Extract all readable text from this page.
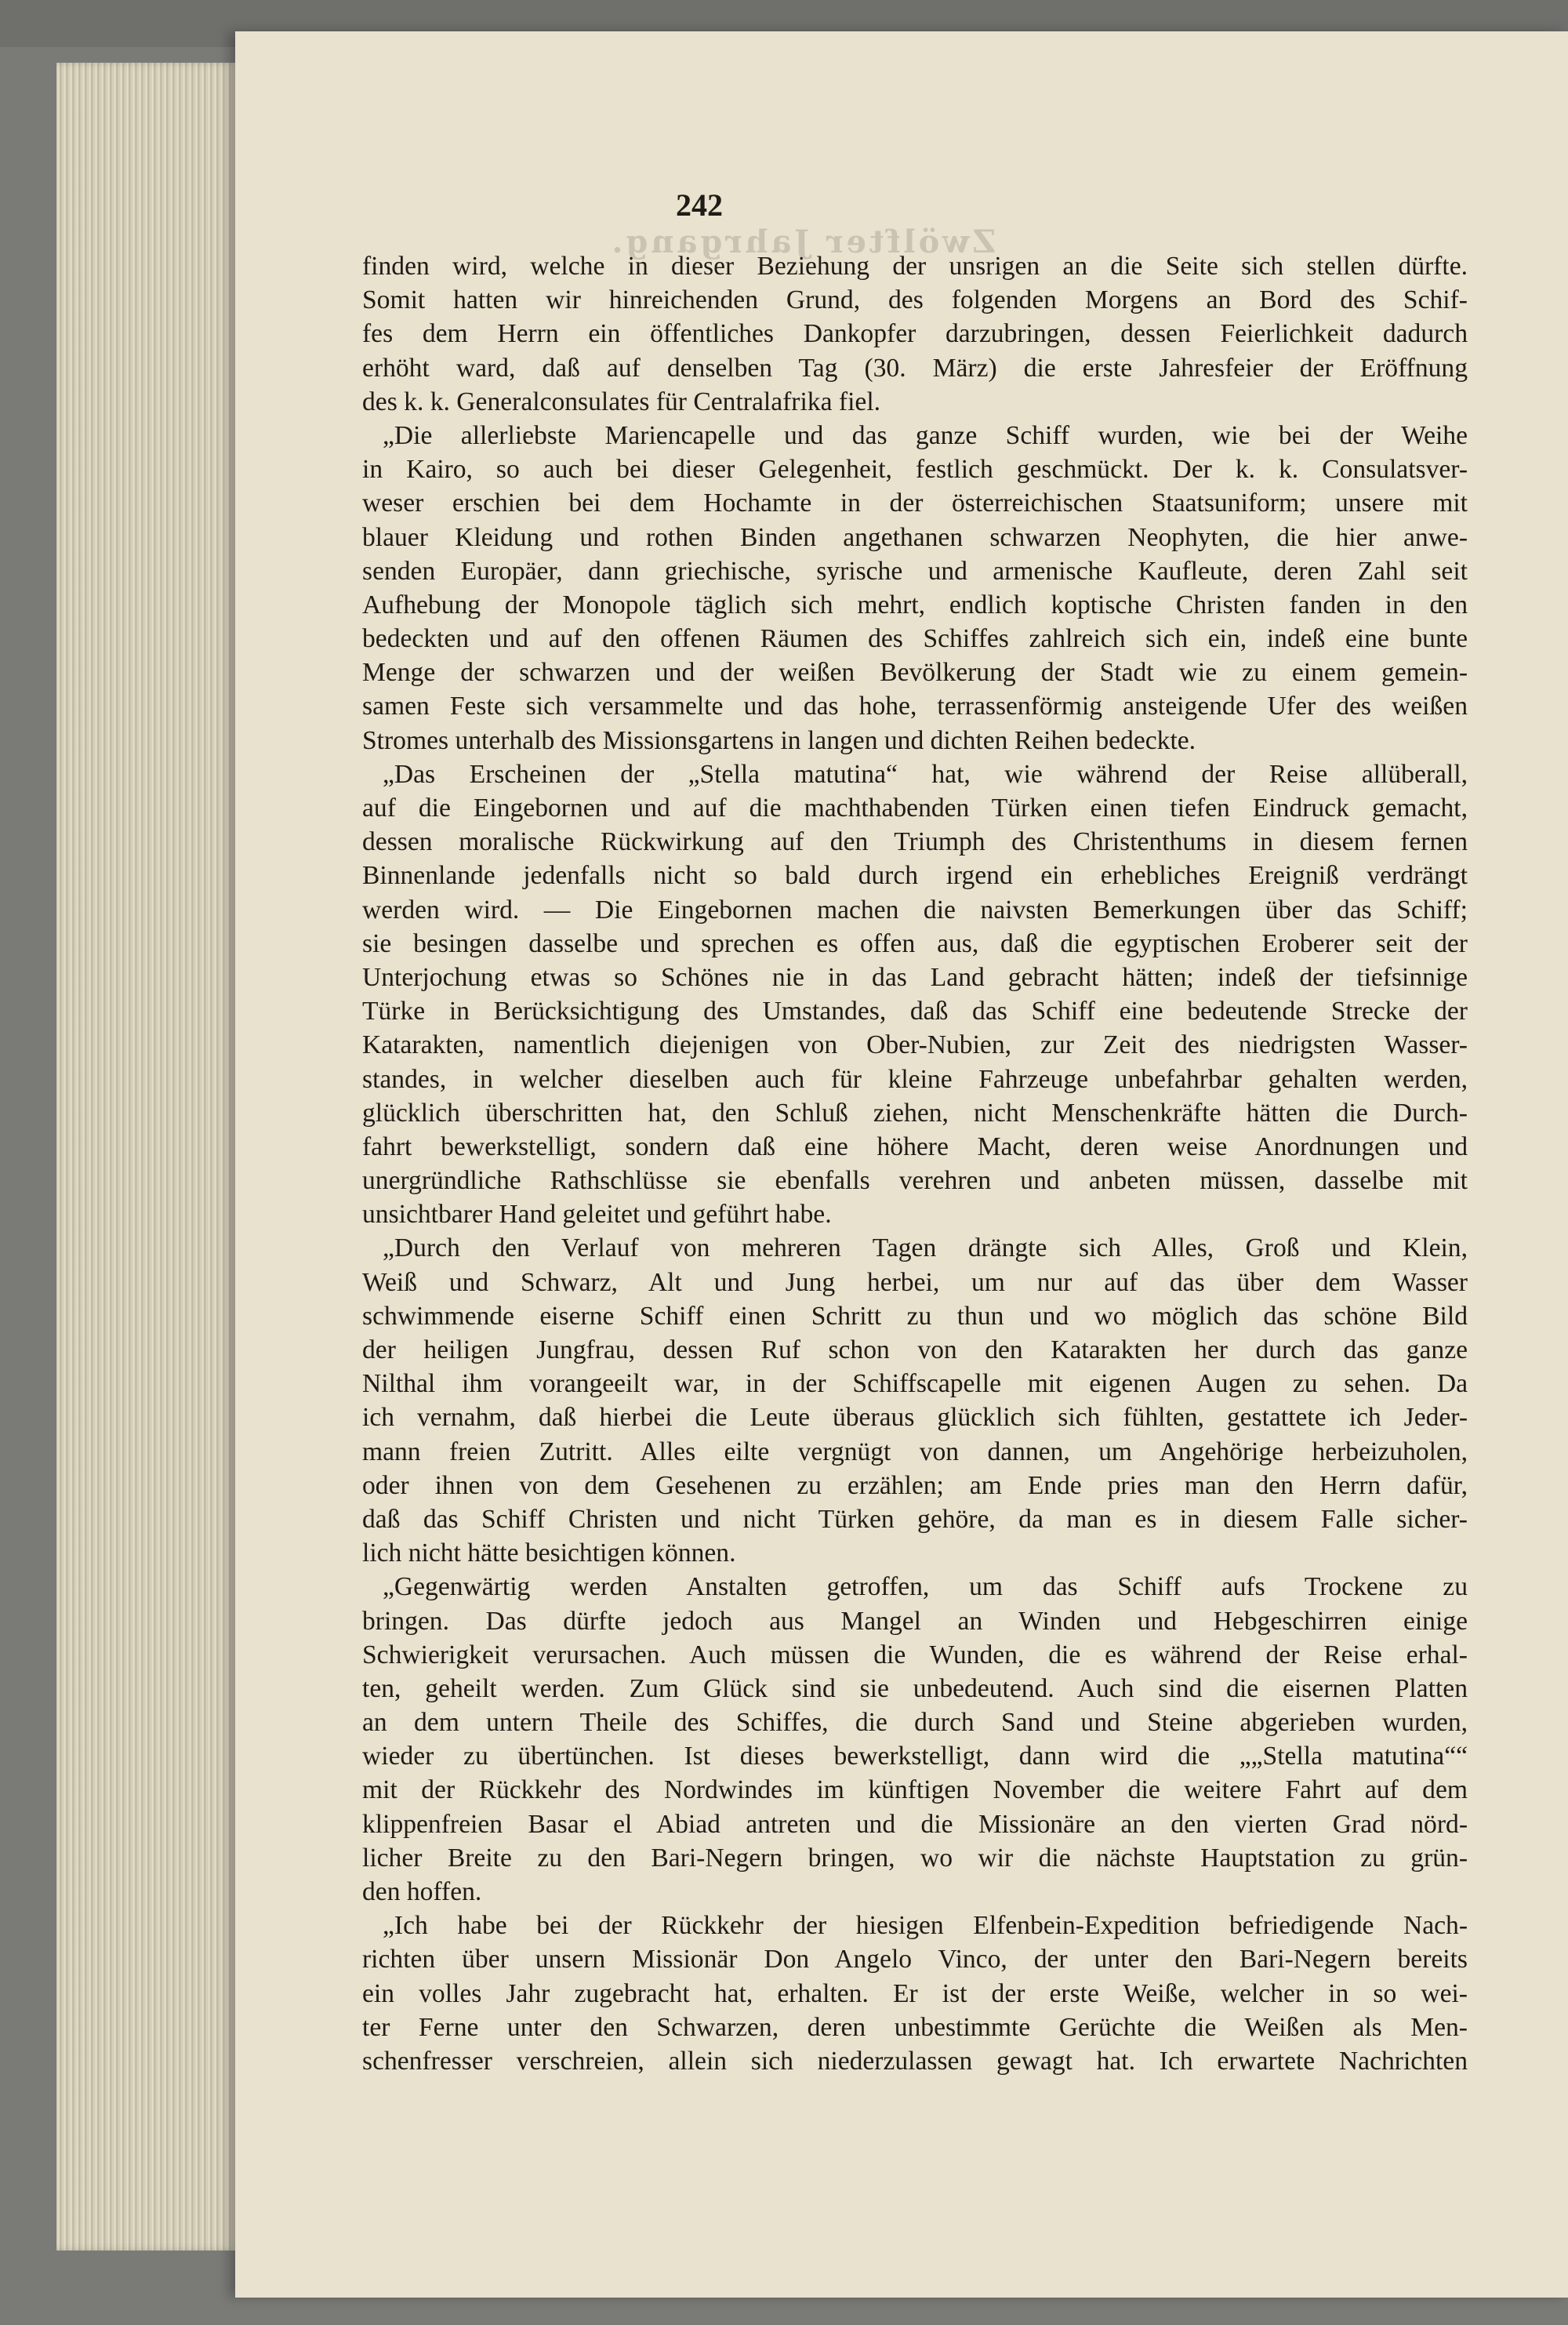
Zwölfter Jahrgang.
242
finden wird, welche in dieser Beziehung der unsrigen an die Seite sich stellen dürfte.
Somit hatten wir hinreichenden Grund, des folgenden Morgens an Bord des Schif-
fes dem Herrn ein öffentliches Dankopfer darzubringen, dessen Feierlichkeit dadurch
erhöht ward, daß auf denselben Tag (30. März) die erste Jahresfeier der Eröffnung
des k. k. Generalconsulates für Centralafrika fiel.
„Die allerliebste Mariencapelle und das ganze Schiff wurden, wie bei der Weihe
in Kairo, so auch bei dieser Gelegenheit, festlich geschmückt. Der k. k. Consulatsver-
weser erschien bei dem Hochamte in der österreichischen Staatsuniform; unsere mit
blauer Kleidung und rothen Binden angethanen schwarzen Neophyten, die hier anwe-
senden Europäer, dann griechische, syrische und armenische Kaufleute, deren Zahl seit
Aufhebung der Monopole täglich sich mehrt, endlich koptische Christen fanden in den
bedeckten und auf den offenen Räumen des Schiffes zahlreich sich ein, indeß eine bunte
Menge der schwarzen und der weißen Bevölkerung der Stadt wie zu einem gemein-
samen Feste sich versammelte und das hohe, terrassenförmig ansteigende Ufer des weißen
Stromes unterhalb des Missionsgartens in langen und dichten Reihen bedeckte.
„Das Erscheinen der „Stella matutina“ hat, wie während der Reise allüberall,
auf die Eingebornen und auf die machthabenden Türken einen tiefen Eindruck gemacht,
dessen moralische Rückwirkung auf den Triumph des Christenthums in diesem fernen
Binnenlande jedenfalls nicht so bald durch irgend ein erhebliches Ereigniß verdrängt
werden wird. — Die Eingebornen machen die naivsten Bemerkungen über das Schiff;
sie besingen dasselbe und sprechen es offen aus, daß die egyptischen Eroberer seit der
Unterjochung etwas so Schönes nie in das Land gebracht hätten; indeß der tiefsinnige
Türke in Berücksichtigung des Umstandes, daß das Schiff eine bedeutende Strecke der
Katarakten, namentlich diejenigen von Ober-Nubien, zur Zeit des niedrigsten Wasser-
standes, in welcher dieselben auch für kleine Fahrzeuge unbefahrbar gehalten werden,
glücklich überschritten hat, den Schluß ziehen, nicht Menschenkräfte hätten die Durch-
fahrt bewerkstelligt, sondern daß eine höhere Macht, deren weise Anordnungen und
unergründliche Rathschlüsse sie ebenfalls verehren und anbeten müssen, dasselbe mit
unsichtbarer Hand geleitet und geführt habe.
„Durch den Verlauf von mehreren Tagen drängte sich Alles, Groß und Klein,
Weiß und Schwarz, Alt und Jung herbei, um nur auf das über dem Wasser
schwimmende eiserne Schiff einen Schritt zu thun und wo möglich das schöne Bild
der heiligen Jungfrau, dessen Ruf schon von den Katarakten her durch das ganze
Nilthal ihm vorangeeilt war, in der Schiffscapelle mit eigenen Augen zu sehen. Da
ich vernahm, daß hierbei die Leute überaus glücklich sich fühlten, gestattete ich Jeder-
mann freien Zutritt. Alles eilte vergnügt von dannen, um Angehörige herbeizuholen,
oder ihnen von dem Gesehenen zu erzählen; am Ende pries man den Herrn dafür,
daß das Schiff Christen und nicht Türken gehöre, da man es in diesem Falle sicher-
lich nicht hätte besichtigen können.
„Gegenwärtig werden Anstalten getroffen, um das Schiff aufs Trockene zu
bringen. Das dürfte jedoch aus Mangel an Winden und Hebgeschirren einige
Schwierigkeit verursachen. Auch müssen die Wunden, die es während der Reise erhal-
ten, geheilt werden. Zum Glück sind sie unbedeutend. Auch sind die eisernen Platten
an dem untern Theile des Schiffes, die durch Sand und Steine abgerieben wurden,
wieder zu übertünchen. Ist dieses bewerkstelligt, dann wird die „„Stella matutina““
mit der Rückkehr des Nordwindes im künftigen November die weitere Fahrt auf dem
klippenfreien Basar el Abiad antreten und die Missionäre an den vierten Grad nörd-
licher Breite zu den Bari-Negern bringen, wo wir die nächste Hauptstation zu grün-
den hoffen.
„Ich habe bei der Rückkehr der hiesigen Elfenbein-Expedition befriedigende Nach-
richten über unsern Missionär Don Angelo Vinco, der unter den Bari-Negern bereits
ein volles Jahr zugebracht hat, erhalten. Er ist der erste Weiße, welcher in so wei-
ter Ferne unter den Schwarzen, deren unbestimmte Gerüchte die Weißen als Men-
schenfresser verschreien, allein sich niederzulassen gewagt hat. Ich erwartete Nachrichten
